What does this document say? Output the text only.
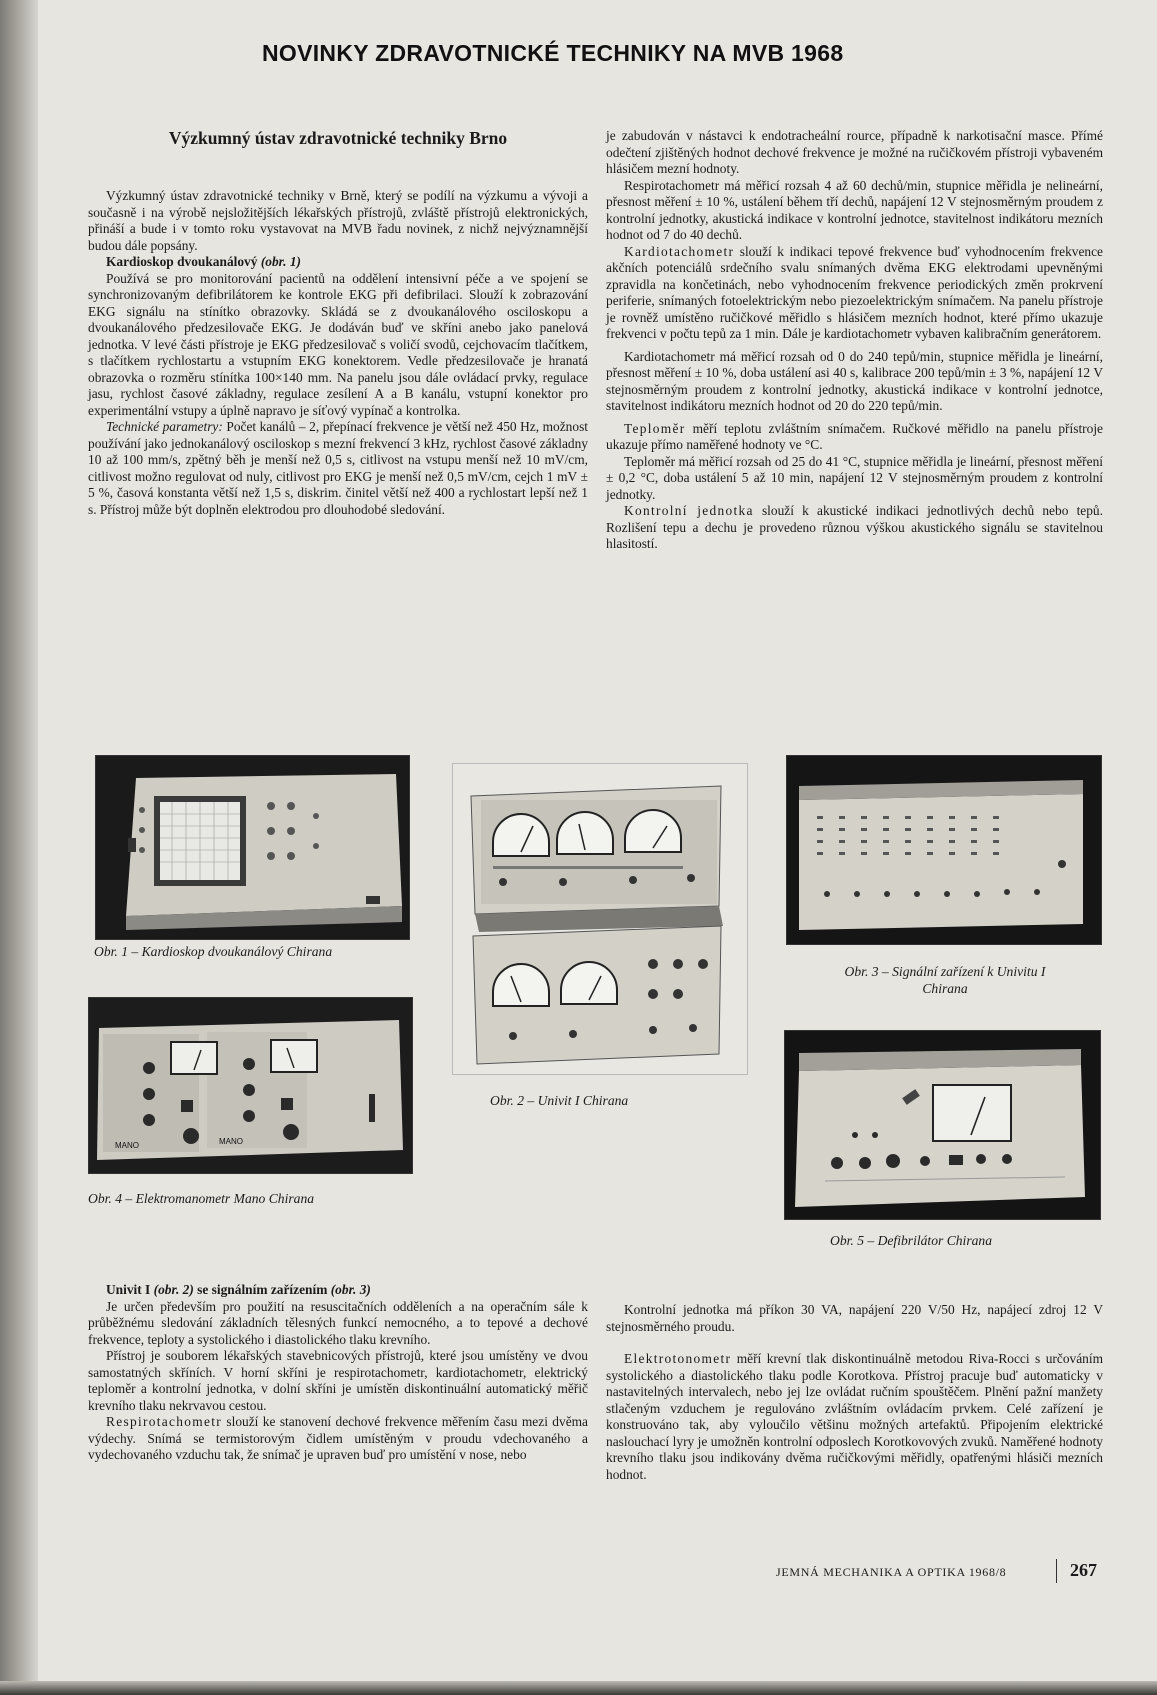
NOVINKY ZDRAVOTNICKÉ TECHNIKY NA MVB 1968
Výzkumný ústav zdravotnické techniky Brno

Výzkumný ústav zdravotnické techniky v Brně, který se podílí na výzkumu a vývoji a současně i na výrobě nejsložitějších lékařských přístrojů, zvláště přístrojů elektronických, přináší a bude i v tomto roku vystavovat na MVB řadu novinek, z nichž nejvýznamnější budou dále popsány.

Kardioskop dvoukanálový (obr. 1)

Používá se pro monitorování pacientů na oddělení intensivní péče a ve spojení se synchronizovaným defibrilátorem ke kontrole EKG při defibrilaci. Slouží k zobrazování EKG signálu na stínítko obrazovky. Skládá se z dvoukanálového osciloskopu a dvoukanálového předzesilovače EKG. Je dodáván buď ve skříni anebo jako panelová jednotka. V levé části přístroje je EKG předzesilovač s voličí svodů, cejchovacím tlačítkem, s tlačítkem rychlostartu a vstupním EKG konektorem. Vedle předzesilovače je hranatá obrazovka o rozměru stínítka 100×140 mm. Na panelu jsou dále ovládací prvky, regulace jasu, rychlost časové základny, regulace zesílení A a B kanálu, vstupní konektor pro experimentální vstupy a úplně napravo je síťový vypínač a kontrolka.

Technické parametry: Počet kanálů – 2, přepínací frekvence je větší než 450 Hz, možnost používání jako jednokanálový osciloskop s mezní frekvencí 3 kHz, rychlost časové základny 10 až 100 mm/s, zpětný běh je menší než 0,5 s, citlivost na vstupu menší než 10 mV/cm, citlivost možno regulovat od nuly, citlivost pro EKG je menší než 0,5 mV/cm, cejch 1 mV ± 5 %, časová konstanta větší než 1,5 s, diskrim. činitel větší než 400 a rychlostart lepší než 1 s. Přístroj může být doplněn elektrodou pro dlouhodobé sledování.

je zabudován v nástavci k endotracheální rource, případně k narkotisační masce. Přímé odečtení zjištěných hodnot dechové frekvence je možné na ručičkovém přístroji vybaveném hlásičem mezní hodnoty.

Respirotachometr má měřicí rozsah 4 až 60 dechů/min, stupnice měřidla je nelineární, přesnost měření ± 10 %, ustálení během tří dechů, napájení 12 V stejnosměrným proudem z kontrolní jednotky, akustická indikace v kontrolní jednotce, stavitelnost indikátoru mezních hodnot od 7 do 40 dechů.

Kardiotachometr slouží k indikaci tepové frekvence buď vyhodnocením frekvence akčních potenciálů srdečního svalu snímaných dvěma EKG elektrodami upevněnými zpravidla na končetinách, nebo vyhodnocením frekvence periodických změn prokrvení periferie, snímaných fotoelektrickým nebo piezoelektrickým snímačem. Na panelu přístroje je rovněž umístěno ručičkové měřidlo s hlásičem mezních hodnot, které přímo ukazuje frekvenci v počtu tepů za 1 min. Dále je kardiotachometr vybaven kalibračním generátorem.

Kardiotachometr má měřicí rozsah od 0 do 240 tepů/min, stupnice měřidla je lineární, přesnost měření ± 10 %, doba ustálení asi 40 s, kalibrace 200 tepů/min ± 3 %, napájení 12 V stejnosměrným proudem z kontrolní jednotky, akustická indikace v kontrolní jednotce, stavitelnost indikátoru mezních hodnot od 20 do 220 tepů/min.

Teploměr měří teplotu zvláštním snímačem. Ručkové měřidlo na panelu přístroje ukazuje přímo naměřené hodnoty ve °C.

Teploměr má měřicí rozsah od 25 do 41 °C, stupnice měřidla je lineární, přesnost měření ± 0,2 °C, doba ustálení 5 až 10 min, napájení 12 V stejnosměrným proudem z kontrolní jednotky.

Kontrolní jednotka slouží k akustické indikaci jednotlivých dechů nebo tepů. Rozlišení tepu a dechu je provedeno různou výškou akustického signálu se stavitelnou hlasitostí.

Obr. 1 – Kardioskop dvoukanálový Chirana
Obr. 2 – Univit I Chirana
Obr. 3 – Signální zařízení k Univitu I
Chirana
MANO	MANO
Obr. 4 – Elektromanometr Mano Chirana
Obr. 5 – Defibrilátor Chirana

Univit I (obr. 2) se signálním zařízením (obr. 3)

Je určen především pro použití na resuscitačních odděleních a na operačním sále k průběžnému sledování základních tělesných funkcí nemocného, a to tepové a dechové frekvence, teploty a systolického i diastolického tlaku krevního.

Přístroj je souborem lékařských stavebnicových přístrojů, které jsou umístěny ve dvou samostatných skříních. V horní skříni je respirotachometr, kardiotachometr, elektrický teploměr a kontrolní jednotka, v dolní skříni je umístěn diskontinuální automatický měřič krevního tlaku nekrvavou cestou.

Respirotachometr slouží ke stanovení dechové frekvence měřením času mezi dvěma výdechy. Snímá se termistorovým čidlem umístěným v proudu vdechovaného a vydechovaného vzduchu tak, že snímač je upraven buď pro umístění v nose, nebo

Kontrolní jednotka má příkon 30 VA, napájení 220 V/50 Hz, napájecí zdroj 12 V stejnosměrného proudu.

Elektrotonometr měří krevní tlak diskontinuálně metodou Riva-Rocci s určováním systolického a diastolického tlaku podle Korotkova. Přístroj pracuje buď automaticky v nastavitelných intervalech, nebo jej lze ovládat ručním spouštěčem. Plnění pažní manžety stlačeným vzduchem je regulováno zvláštním ovládacím prvkem. Celé zařízení je konstruováno tak, aby vyloučilo většinu možných artefaktů. Připojením elektrické naslouchací lyry je umožněn kontrolní odposlech Korotkovových zvuků. Naměřené hodnoty krevního tlaku jsou indikovány dvěma ručičkovými měřidly, opatřenými hlásiči mezních hodnot.

JEMNÁ MECHANIKA A OPTIKA 1968/8	267
